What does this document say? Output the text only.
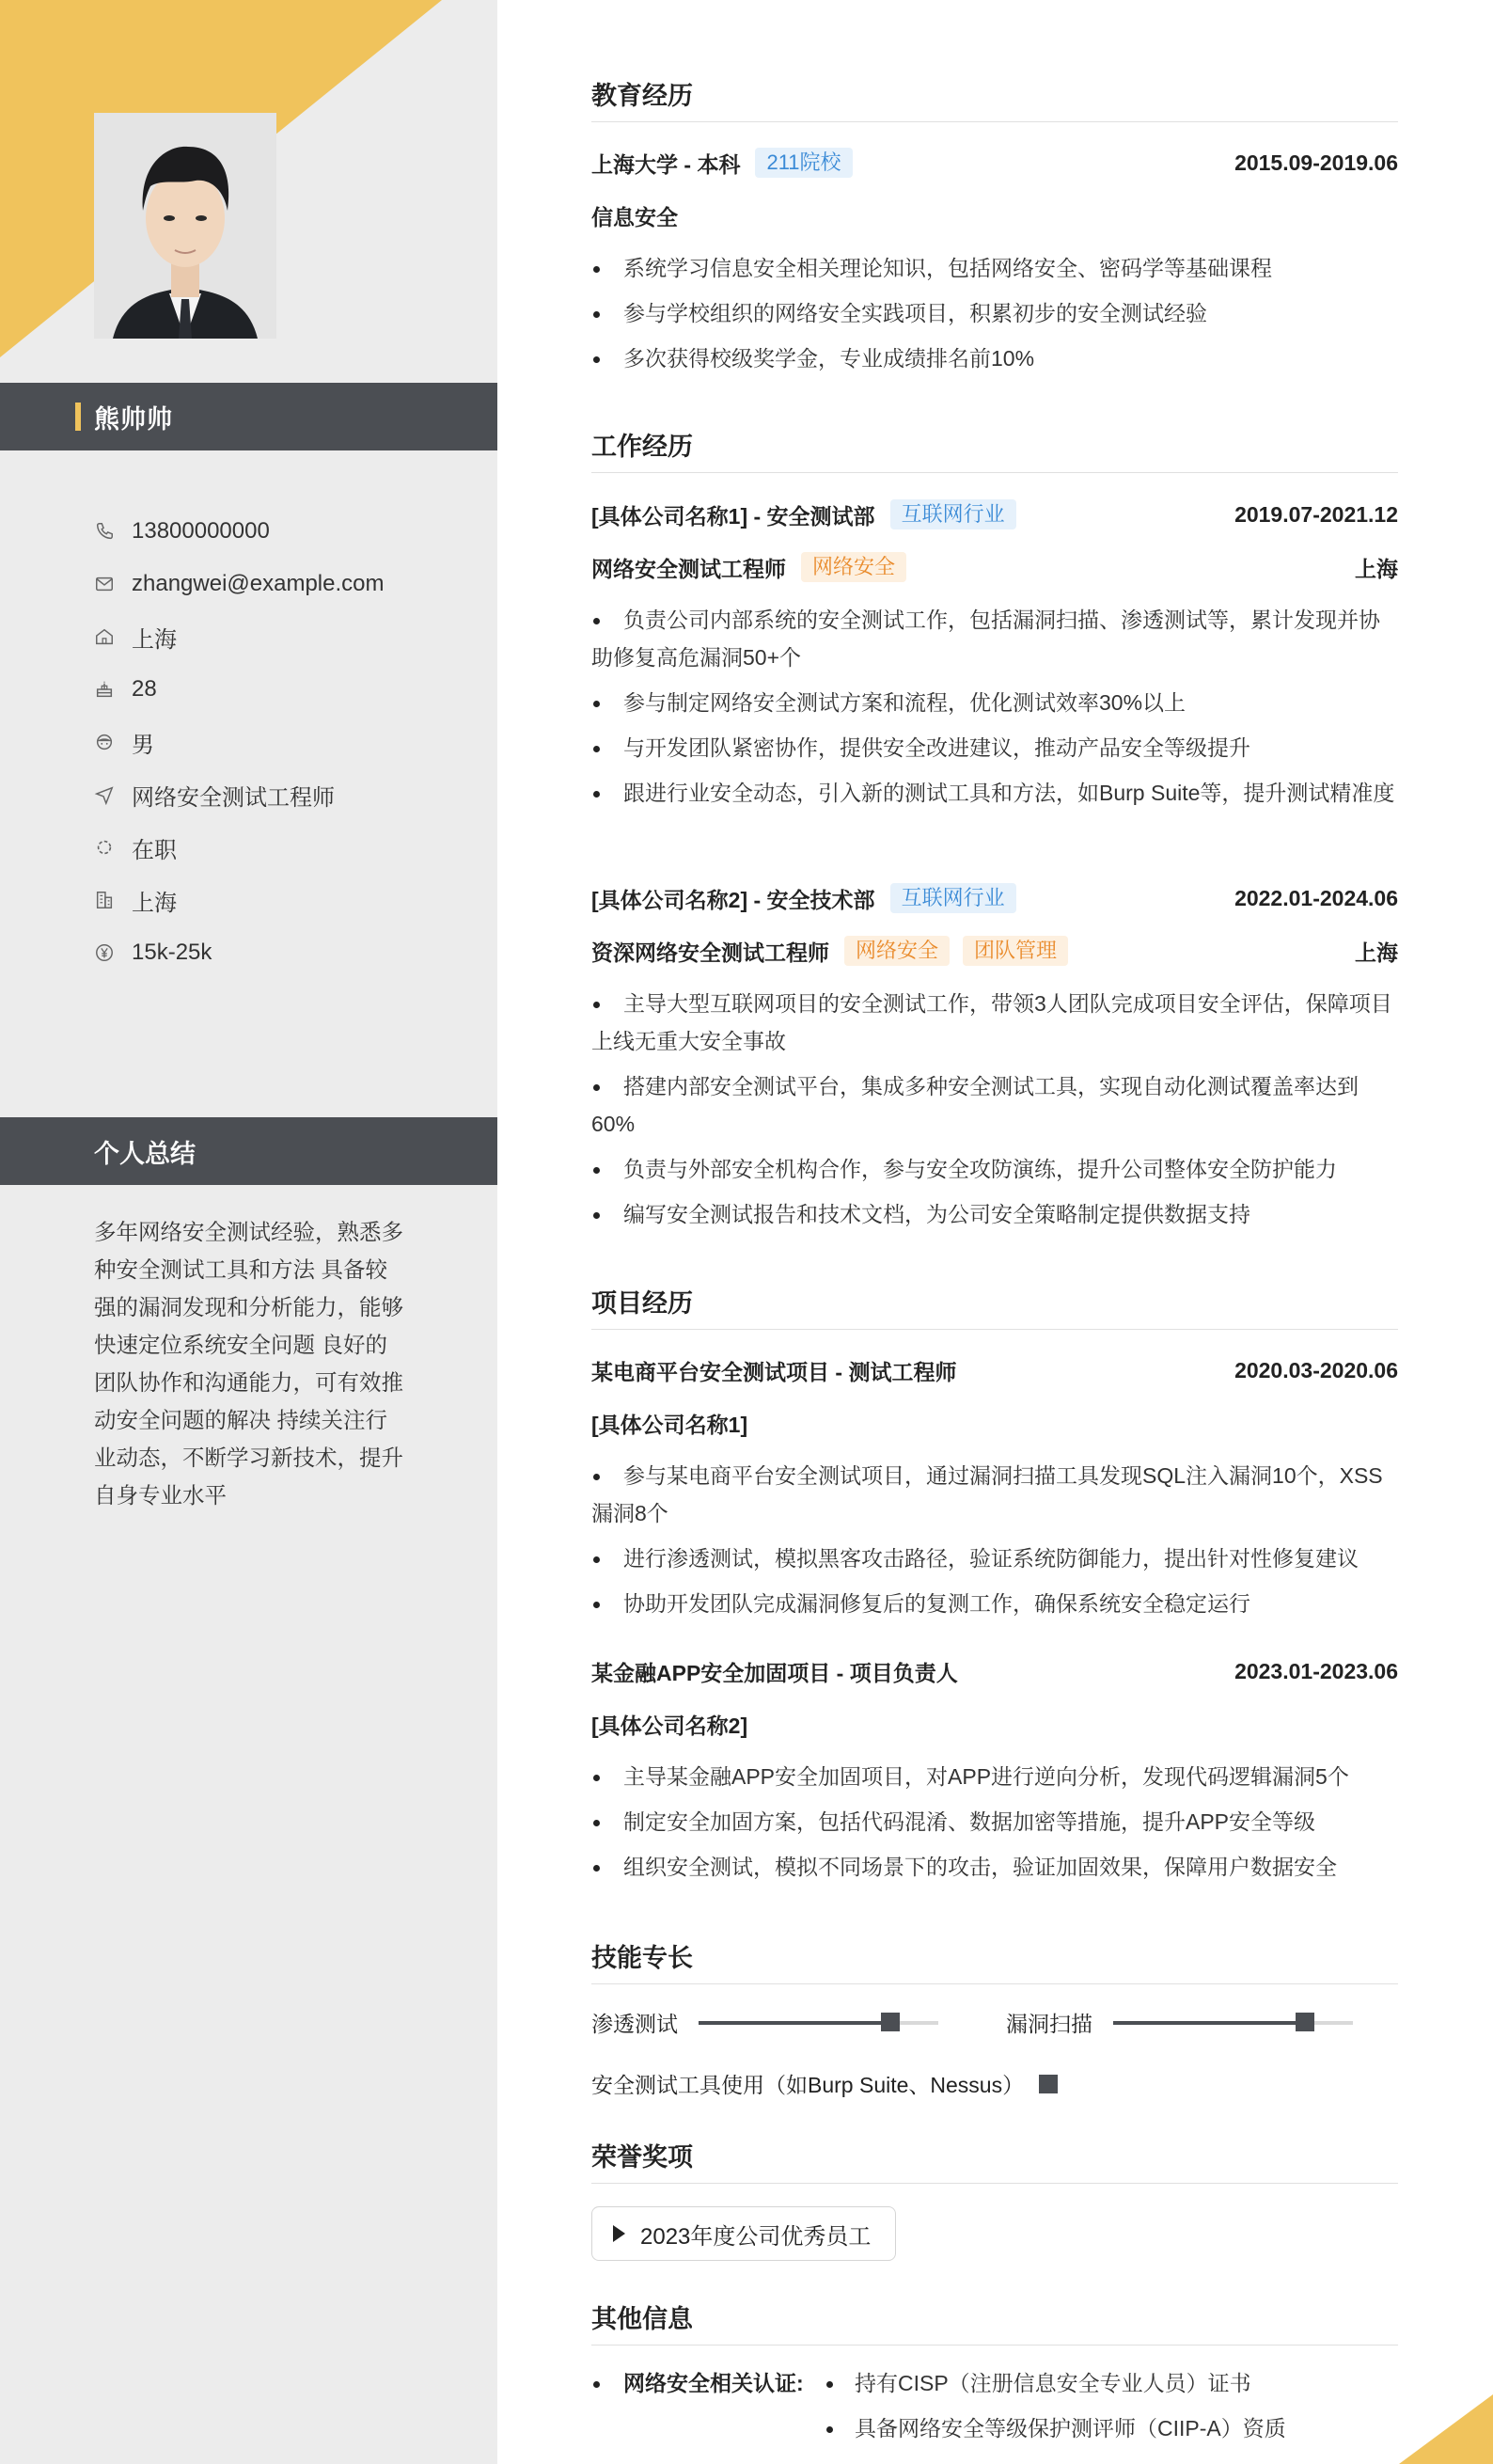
熊帅帅
13800000000
zhangwei@example.com
上海
28
男
网络安全测试工程师
在职
上海
15k-25k
个人总结
多年网络安全测试经验，熟悉多种安全测试工具和方法 具备较强的漏洞发现和分析能力，能够快速定位系统安全问题 良好的团队协作和沟通能力，可有效推动安全问题的解决 持续关注行业动态，不断学习新技术，提升自身专业水平
教育经历
上海大学 - 本科	211院校	2015.09-2019.06
信息安全
系统学习信息安全相关理论知识，包括网络安全、密码学等基础课程
参与学校组织的网络安全实践项目，积累初步的安全测试经验
多次获得校级奖学金，专业成绩排名前10%
工作经历
[具体公司名称1] - 安全测试部	互联网行业	2019.07-2021.12
网络安全测试工程师	网络安全	上海
负责公司内部系统的安全测试工作，包括漏洞扫描、渗透测试等，累计发现并协助修复高危漏洞50+个
参与制定网络安全测试方案和流程，优化测试效率30%以上
与开发团队紧密协作，提供安全改进建议，推动产品安全等级提升
跟进行业安全动态，引入新的测试工具和方法，如Burp Suite等，提升测试精准度
[具体公司名称2] - 安全技术部	互联网行业	2022.01-2024.06
资深网络安全测试工程师	网络安全	团队管理	上海
主导大型互联网项目的安全测试工作，带领3人团队完成项目安全评估，保障项目上线无重大安全事故
搭建内部安全测试平台，集成多种安全测试工具，实现自动化测试覆盖率达到60%
负责与外部安全机构合作，参与安全攻防演练，提升公司整体安全防护能力
编写安全测试报告和技术文档，为公司安全策略制定提供数据支持
项目经历
某电商平台安全测试项目 - 测试工程师	2020.03-2020.06
[具体公司名称1]
参与某电商平台安全测试项目，通过漏洞扫描工具发现SQL注入漏洞10个，XSS漏洞8个
进行渗透测试，模拟黑客攻击路径，验证系统防御能力，提出针对性修复建议
协助开发团队完成漏洞修复后的复测工作，确保系统安全稳定运行
某金融APP安全加固项目 - 项目负责人	2023.01-2023.06
[具体公司名称2]
主导某金融APP安全加固项目，对APP进行逆向分析，发现代码逻辑漏洞5个
制定安全加固方案，包括代码混淆、数据加密等措施，提升APP安全等级
组织安全测试，模拟不同场景下的攻击，验证加固效果，保障用户数据安全
技能专长
渗透测试	漏洞扫描
安全测试工具使用（如Burp Suite、Nessus）
荣誉奖项
2023年度公司优秀员工
其他信息
网络安全相关认证: 持有CISP（注册信息安全专业人员）证书
具备网络安全等级保护测评师（CIIP-A）资质
